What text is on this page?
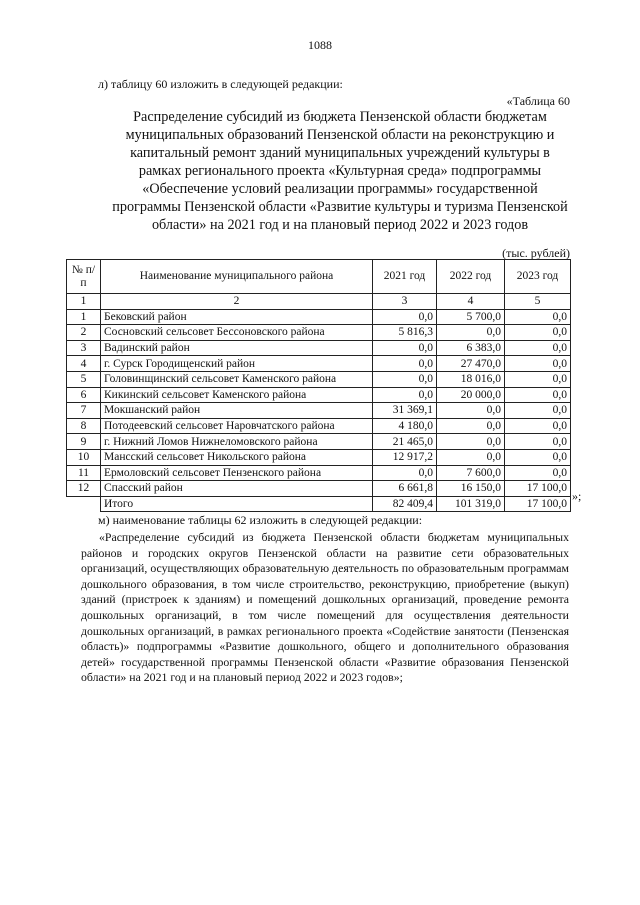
1088
л) таблицу 60 изложить в следующей редакции:
«Таблица 60
Распределение субсидий из бюджета Пензенской области бюджетам муниципальных образований Пензенской области на реконструкцию и капитальный ремонт зданий муниципальных учреждений культуры в рамках регионального проекта «Культурная среда» подпрограммы «Обеспечение условий реализации программы» государственной программы Пензенской области «Развитие культуры и туризма Пензенской области» на 2021 год и на плановый период 2022 и 2023 годов
(тыс. рублей)
№ п/п	Наименование муниципального района	2021 год	2022 год	2023 год
1	2	3	4	5
1	Бековский район	0,0	5 700,0	0,0
2	Сосновский сельсовет Бессоновского района	5 816,3	0,0	0,0
3	Вадинский район	0,0	6 383,0	0,0
4	г. Сурск Городищенский район	0,0	27 470,0	0,0
5	Головинщинский сельсовет Каменского района	0,0	18 016,0	0,0
6	Кикинский сельсовет Каменского района	0,0	20 000,0	0,0
7	Мокшанский район	31 369,1	0,0	0,0
8	Потодеевский сельсовет Наровчатского района	4 180,0	0,0	0,0
9	г. Нижний Ломов Нижнеломовского района	21 465,0	0,0	0,0
10	Мансский сельсовет Никольского района	12 917,2	0,0	0,0
11	Ермоловский сельсовет Пензенского района	0,0	7 600,0	0,0
12	Спасский район	6 661,8	16 150,0	17 100,0
	Итого	82 409,4	101 319,0	17 100,0
»;
м) наименование таблицы 62 изложить в следующей редакции:
«Распределение субсидий из бюджета Пензенской области бюджетам муниципальных районов и городских округов Пензенской области на развитие сети образовательных организаций, осуществляющих образовательную деятельность по образовательным программам дошкольного образования, в том числе строительство, реконструкцию, приобретение (выкуп) зданий (пристроек к зданиям) и помещений дошкольных организаций, проведение ремонта дошкольных организаций, в том числе помещений для осуществления деятельности дошкольных организаций, в рамках регионального проекта «Содействие занятости (Пензенская область)» подпрограммы «Развитие дошкольного, общего и дополнительного образования детей» государственной программы Пензенской области «Развитие образования Пензенской области» на 2021 год и на плановый период 2022 и 2023 годов»;
